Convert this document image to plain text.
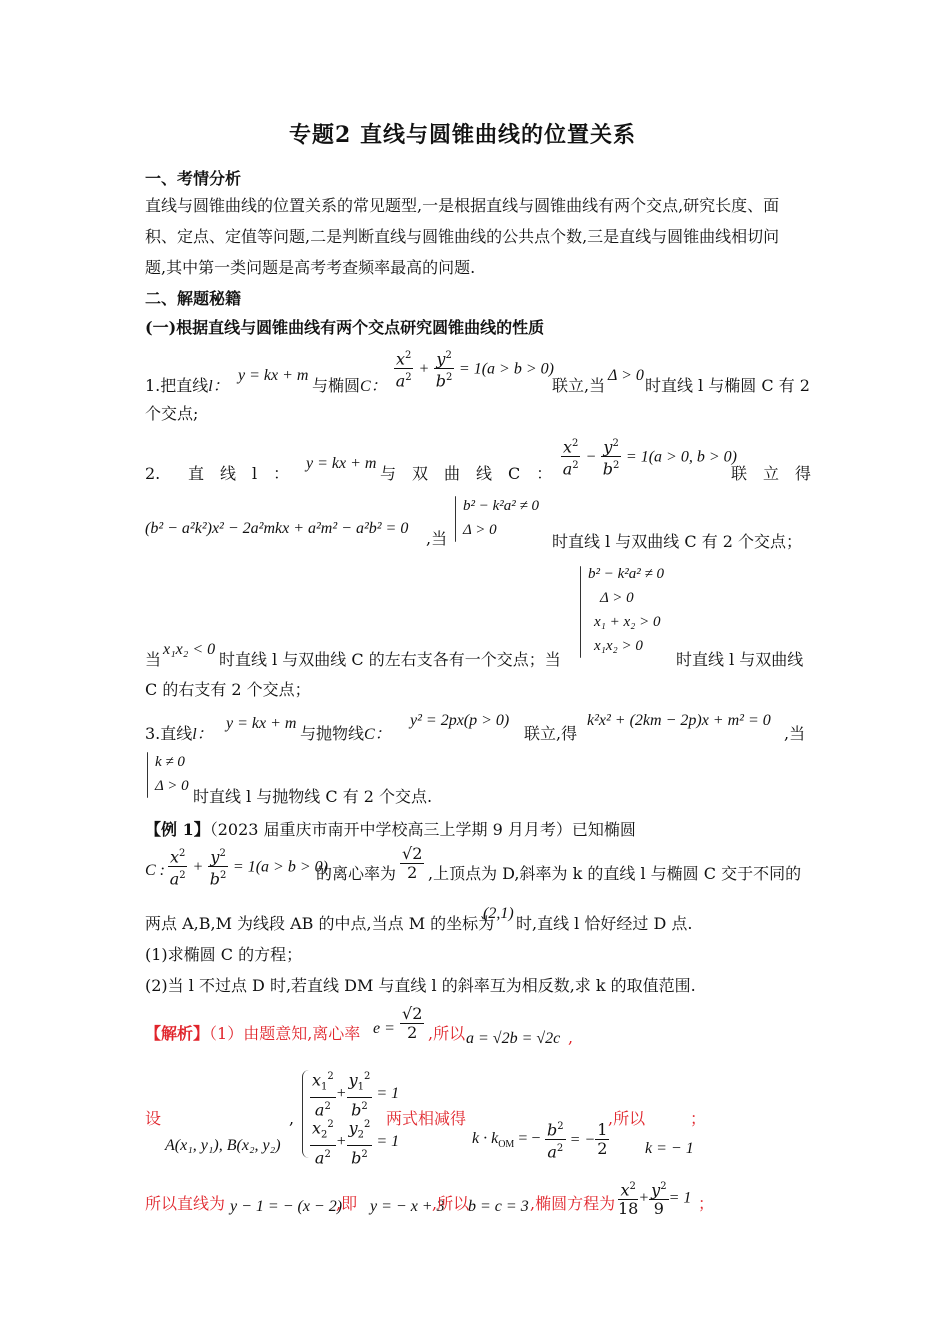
专题2 直线与圆锥曲线的位置关系
一、考情分析
直线与圆锥曲线的位置关系的常见题型,一是根据直线与圆锥曲线有两个交点,研究长度、面
积、定点、定值等问题,二是判断直线与圆锥曲线的公共点个数,三是直线与圆锥曲线相切问
题,其中第一类问题是高考考查频率最高的问题.
二、解题秘籍
(一)根据直线与圆锥曲线有两个交点研究圆锥曲线的性质
1.把直线l：
y = kx + m
与椭圆C： $\frac{x^2}{a^2} + \frac{y^2}{b^2} = 1(a > b > 0)$
联立,当
Δ > 0
时直线 l 与椭圆 C 有 2
个交点;
2. 直　线　l　：
y = kx + m
与　双　曲　线　C　： $\frac{x^2}{a^2} - \frac{y^2}{b^2} = 1(a > 0$, b > 0)
联　立　得
(b² − a²k²)x² − 2a²mkx + a²m² − a²b² = 0
,当
b² − k²a² ≠ 0
Δ > 0
时直线 l 与双曲线 C 有 2 个交点；
b² − k²a² ≠ 0
Δ > 0
x₁ + x₂ > 0
x₁x₂ > 0
当
x₁x₂ < 0
时直线 l 与双曲线 C 的左右支各有一个交点；当	时直线 l 与双曲线
C 的右支有 2 个交点；
3.直线l：
y = kx + m
与抛物线C：
y² = 2px(p > 0)
联立,得
k²x² + (2km − 2p)x + m² = 0
,当
k ≠ 0
Δ > 0
时直线 l 与抛物线 C 有 2 个交点.
【例 1】（2023 届重庆市南开中学校高三上学期 9 月月考）已知椭圆
C : $\frac{x^2}{a^2} + \frac{y^2}{b^2} = 1(a > b > 0)$
的离心率为 $\frac{√2}{2}$ ,上顶点为 D,斜率为 k 的直线 l 与椭圆 C 交于不同的
两点 A,B,M 为线段 AB 的中点,当点 M 的坐标为
(2,1)
时,直线 l 恰好经过 D 点.
(1)求椭圆 C 的方程；
(2)当 l 不过点 D 时,若直线 DM 与直线 l 的斜率互为相反数,求 k 的取值范围.
【解析】（1）由题意知,离心率 $e = \frac{√2}{2}$ ,所以 a = √2b = √2c ,
设
A(x₁, y₁), B(x₂, y₂)
, $\frac{x_1^2}{a^2} + \frac{y_1^2}{b^2} = 1$
$\frac{x_2^2}{a^2} + \frac{y_2^2}{b^2} = 1$
两式相减得
$k \cdot k_{OM}$ = − $\frac{b^2}{a^2}$ = − $\frac{1}{2}$
,所以	；
k = − 1
所以直线为 y − 1 = − (x − 2)
,即 y = − x + 3
,所以
b = c = 3 ,椭圆方程为 $\frac{x^2}{18} + \frac{y^2}{9} = 1$ ；
